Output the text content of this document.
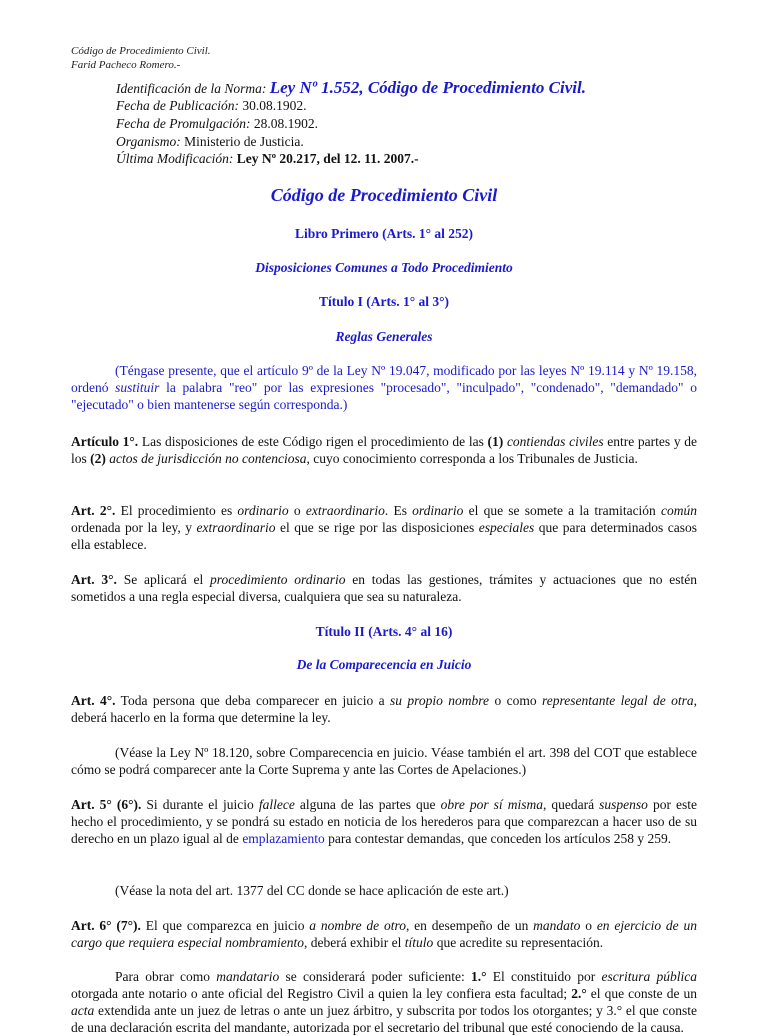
Código de Procedimiento Civil.
Farid Pacheco Romero.-
Identificación de la Norma: Ley Nº 1.552, Código de Procedimiento Civil.
Fecha de Publicación: 30.08.1902.
Fecha de Promulgación: 28.08.1902.
Organismo: Ministerio de Justicia.
Última Modificación: Ley Nº 20.217, del 12. 11. 2007.-
Código de Procedimiento Civil
Libro Primero (Arts. 1° al 252)
Disposiciones Comunes a Todo Procedimiento
Título I (Arts. 1° al 3°)
Reglas Generales
(Téngase presente, que el artículo 9º de la Ley Nº 19.047, modificado por las leyes Nº 19.114 y Nº 19.158, ordenó sustituir la palabra "reo" por las expresiones "procesado", "inculpado", "condenado", "demandado" o "ejecutado" o bien mantenerse según corresponda.)
Artículo 1°. Las disposiciones de este Código rigen el procedimiento de las (1) contiendas civiles entre partes y de los (2) actos de jurisdicción no contenciosa, cuyo conocimiento corresponda a los Tribunales de Justicia.
Art. 2°. El procedimiento es ordinario o extraordinario. Es ordinario el que se somete a la tramitación común ordenada por la ley, y extraordinario el que se rige por las disposiciones especiales que para determinados casos ella establece.
Art. 3°. Se aplicará el procedimiento ordinario en todas las gestiones, trámites y actuaciones que no estén sometidos a una regla especial diversa, cualquiera que sea su naturaleza.
Título II (Arts. 4° al 16)
De la Comparecencia en Juicio
Art. 4°. Toda persona que deba comparecer en juicio a su propio nombre o como representante legal de otra, deberá hacerlo en la forma que determine la ley.
(Véase la Ley Nº 18.120, sobre Comparecencia en juicio. Véase también el art. 398 del COT que establece cómo se podrá comparecer ante la Corte Suprema y ante las Cortes de Apelaciones.)
Art. 5° (6°). Si durante el juicio fallece alguna de las partes que obre por sí misma, quedará suspenso por este hecho el procedimiento, y se pondrá su estado en noticia de los herederos para que comparezcan a hacer uso de su derecho en un plazo igual al de emplazamiento para contestar demandas, que conceden los artículos 258 y 259.
(Véase la nota del art. 1377 del CC donde se hace aplicación de este art.)
Art. 6° (7°). El que comparezca en juicio a nombre de otro, en desempeño de un mandato o en ejercicio de un cargo que requiera especial nombramiento, deberá exhibir el título que acredite su representación.
Para obrar como mandatario se considerará poder suficiente: 1.° El constituido por escritura pública otorgada ante notario o ante oficial del Registro Civil a quien la ley confiera esta facultad; 2.° el que conste de un acta extendida ante un juez de letras o ante un juez árbitro, y subscrita por todos los otorgantes; y 3.° el que conste de una declaración escrita del mandante, autorizada por el secretario del tribunal que esté conociendo de la causa.
